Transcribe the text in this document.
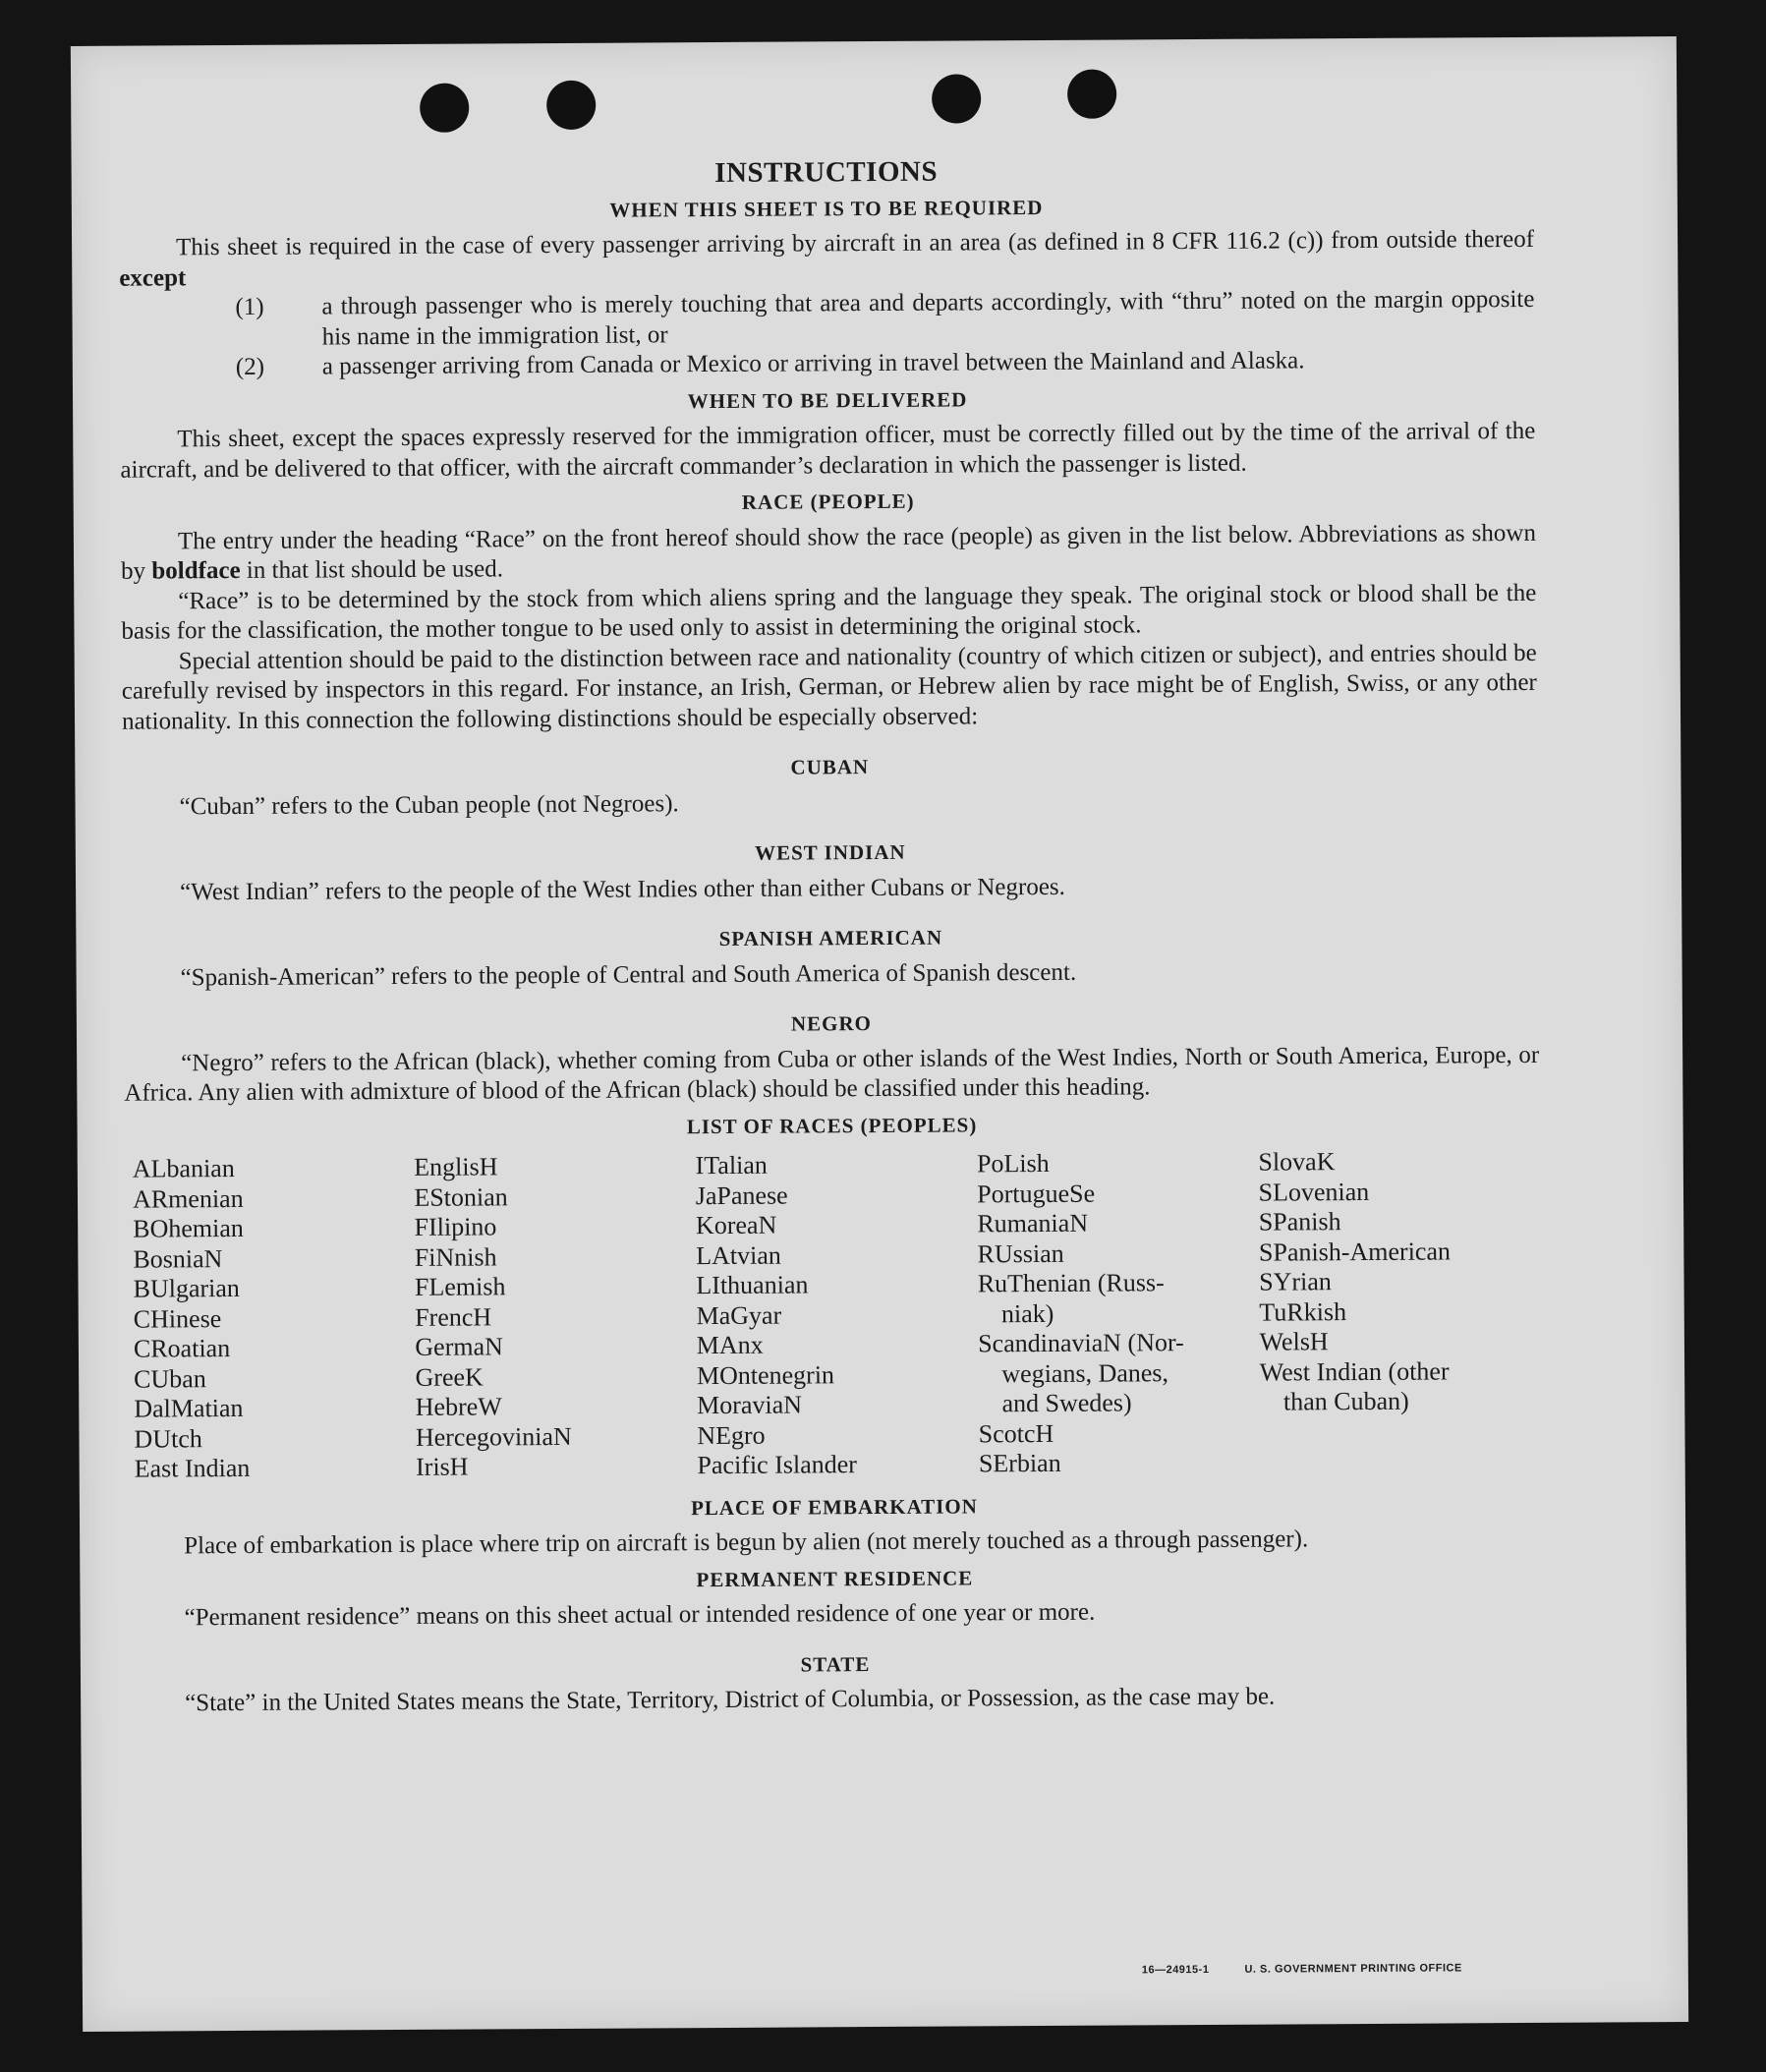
INSTRUCTIONS
WHEN THIS SHEET IS TO BE REQUIRED

This sheet is required in the case of every passenger arriving by aircraft in an area (as defined in 8 CFR 116.2 (c)) from outside thereof except

(1)	a through passenger who is merely touching that area and departs accordingly, with “thru” noted on the margin opposite his name in the immigration list, or
(2)	a passenger arriving from Canada or Mexico or arriving in travel between the Mainland and Alaska.
WHEN TO BE DELIVERED

This sheet, except the spaces expressly reserved for the immigration officer, must be correctly filled out by the time of the arrival of the aircraft, and be delivered to that officer, with the aircraft commander’s declaration in which the passenger is listed.

RACE (PEOPLE)

The entry under the heading “Race” on the front hereof should show the race (people) as given in the list below. Abbreviations as shown by boldface in that list should be used.

“Race” is to be determined by the stock from which aliens spring and the language they speak. The original stock or blood shall be the basis for the classification, the mother tongue to be used only to assist in determining the original stock.

Special attention should be paid to the distinction between race and nationality (country of which citizen or subject), and entries should be carefully revised by inspectors in this regard. For instance, an Irish, German, or Hebrew alien by race might be of English, Swiss, or any other nationality. In this connection the following distinctions should be especially observed:

CUBAN

“Cuban” refers to the Cuban people (not Negroes).

WEST INDIAN

“West Indian” refers to the people of the West Indies other than either Cubans or Negroes.

SPANISH AMERICAN

“Spanish-American” refers to the people of Central and South America of Spanish descent.

NEGRO

“Negro” refers to the African (black), whether coming from Cuba or other islands of the West Indies, North or South America, Europe, or Africa. Any alien with admixture of blood of the African (black) should be classified under this heading.

LIST OF RACES (PEOPLES)
ALbanian
ARmenian
BOhemian
BosniaN
BUlgarian
CHinese
CRoatian
CUban
DalMatian
DUtch
East Indian
EnglisH
EStonian
FIlipino
FiNnish
FLemish
FrencH
GermaN
GreeK
HebreW
HercegoviniaN
IrisH
ITalian
JaPanese
KoreaN
LAtvian
LIthuanian
MaGyar
MAnx
MOntenegrin
MoraviaN
NEgro
Pacific Islander
PoLish
PortugueSe
RumaniaN
RUssian
RuThenian (Russ-
niak)
ScandinaviaN (Nor-
wegians, Danes,
and Swedes)
ScotcH
SErbian
SlovaK
SLovenian
SPanish
SPanish-American
SYrian
TuRkish
WelsH
West Indian (other
than Cuban)
PLACE OF EMBARKATION

Place of embarkation is place where trip on aircraft is begun by alien (not merely touched as a through passenger).

PERMANENT RESIDENCE

“Permanent residence” means on this sheet actual or intended residence of one year or more.

STATE

“State” in the United States means the State, Territory, District of Columbia, or Possession, as the case may be.

16—24915-1	U. S. GOVERNMENT PRINTING OFFICE
